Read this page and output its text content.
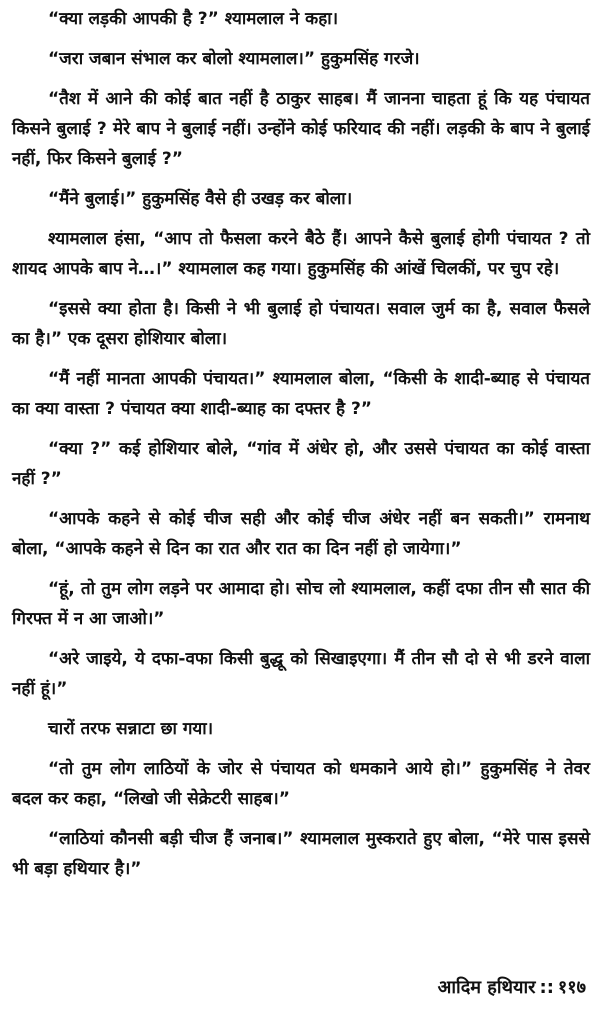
“क्या लड़की आपकी है ?” श्यामलाल ने कहा।

“जरा जबान संभाल कर बोलो श्यामलाल।” हुकुमसिंह गरजे।

“तैश में आने की कोई बात नहीं है ठाकुर साहब। मैं जानना चाहता हूं कि यह पंचायत किसने बुलाई ? मेरे बाप ने बुलाई नहीं। उन्होंने कोई फरियाद की नहीं। लड़की के बाप ने बुलाई नहीं, फिर किसने बुलाई ?”

“मैंने बुलाई।” हुकुमसिंह वैसे ही उखड़ कर बोला।

श्यामलाल हंसा, “आप तो फैसला करने बैठे हैं। आपने कैसे बुलाई होगी पंचायत ? तो शायद आपके बाप ने…।” श्यामलाल कह गया। हुकुमसिंह की आंखें चिलकीं, पर चुप रहे।

“इससे क्या होता है। किसी ने भी बुलाई हो पंचायत। सवाल जुर्म का है, सवाल फैसले का है।” एक दूसरा होशियार बोला।

“मैं नहीं मानता आपकी पंचायत।” श्यामलाल बोला, “किसी के शादी-ब्याह से पंचायत का क्या वास्ता ? पंचायत क्या शादी-ब्याह का दफ्तर है ?”

“क्या ?” कई होशियार बोले, “गांव में अंधेर हो, और उससे पंचायत का कोई वास्ता नहीं ?”

“आपके कहने से कोई चीज सही और कोई चीज अंधेर नहीं बन सकती।” रामनाथ बोला, “आपके कहने से दिन का रात और रात का दिन नहीं हो जायेगा।”

“हूं, तो तुम लोग लड़ने पर आमादा हो। सोच लो श्यामलाल, कहीं दफा तीन सौ सात की गिरफ्त में न आ जाओ।”

“अरे जाइये, ये दफा-वफा किसी बुद्धू को सिखाइएगा। मैं तीन सौ दो से भी डरने वाला नहीं हूं।”

चारों तरफ सन्नाटा छा गया।

“तो तुम लोग लाठियों के जोर से पंचायत को धमकाने आये हो।” हुकुमसिंह ने तेवर बदल कर कहा, “लिखो जी सेक्रेटरी साहब।”

“लाठियां कौनसी बड़ी चीज हैं जनाब।” श्यामलाल मुस्कराते हुए बोला, “मेरे पास इससे भी बड़ा हथियार है।”

आदिम हथियार :: ११७
